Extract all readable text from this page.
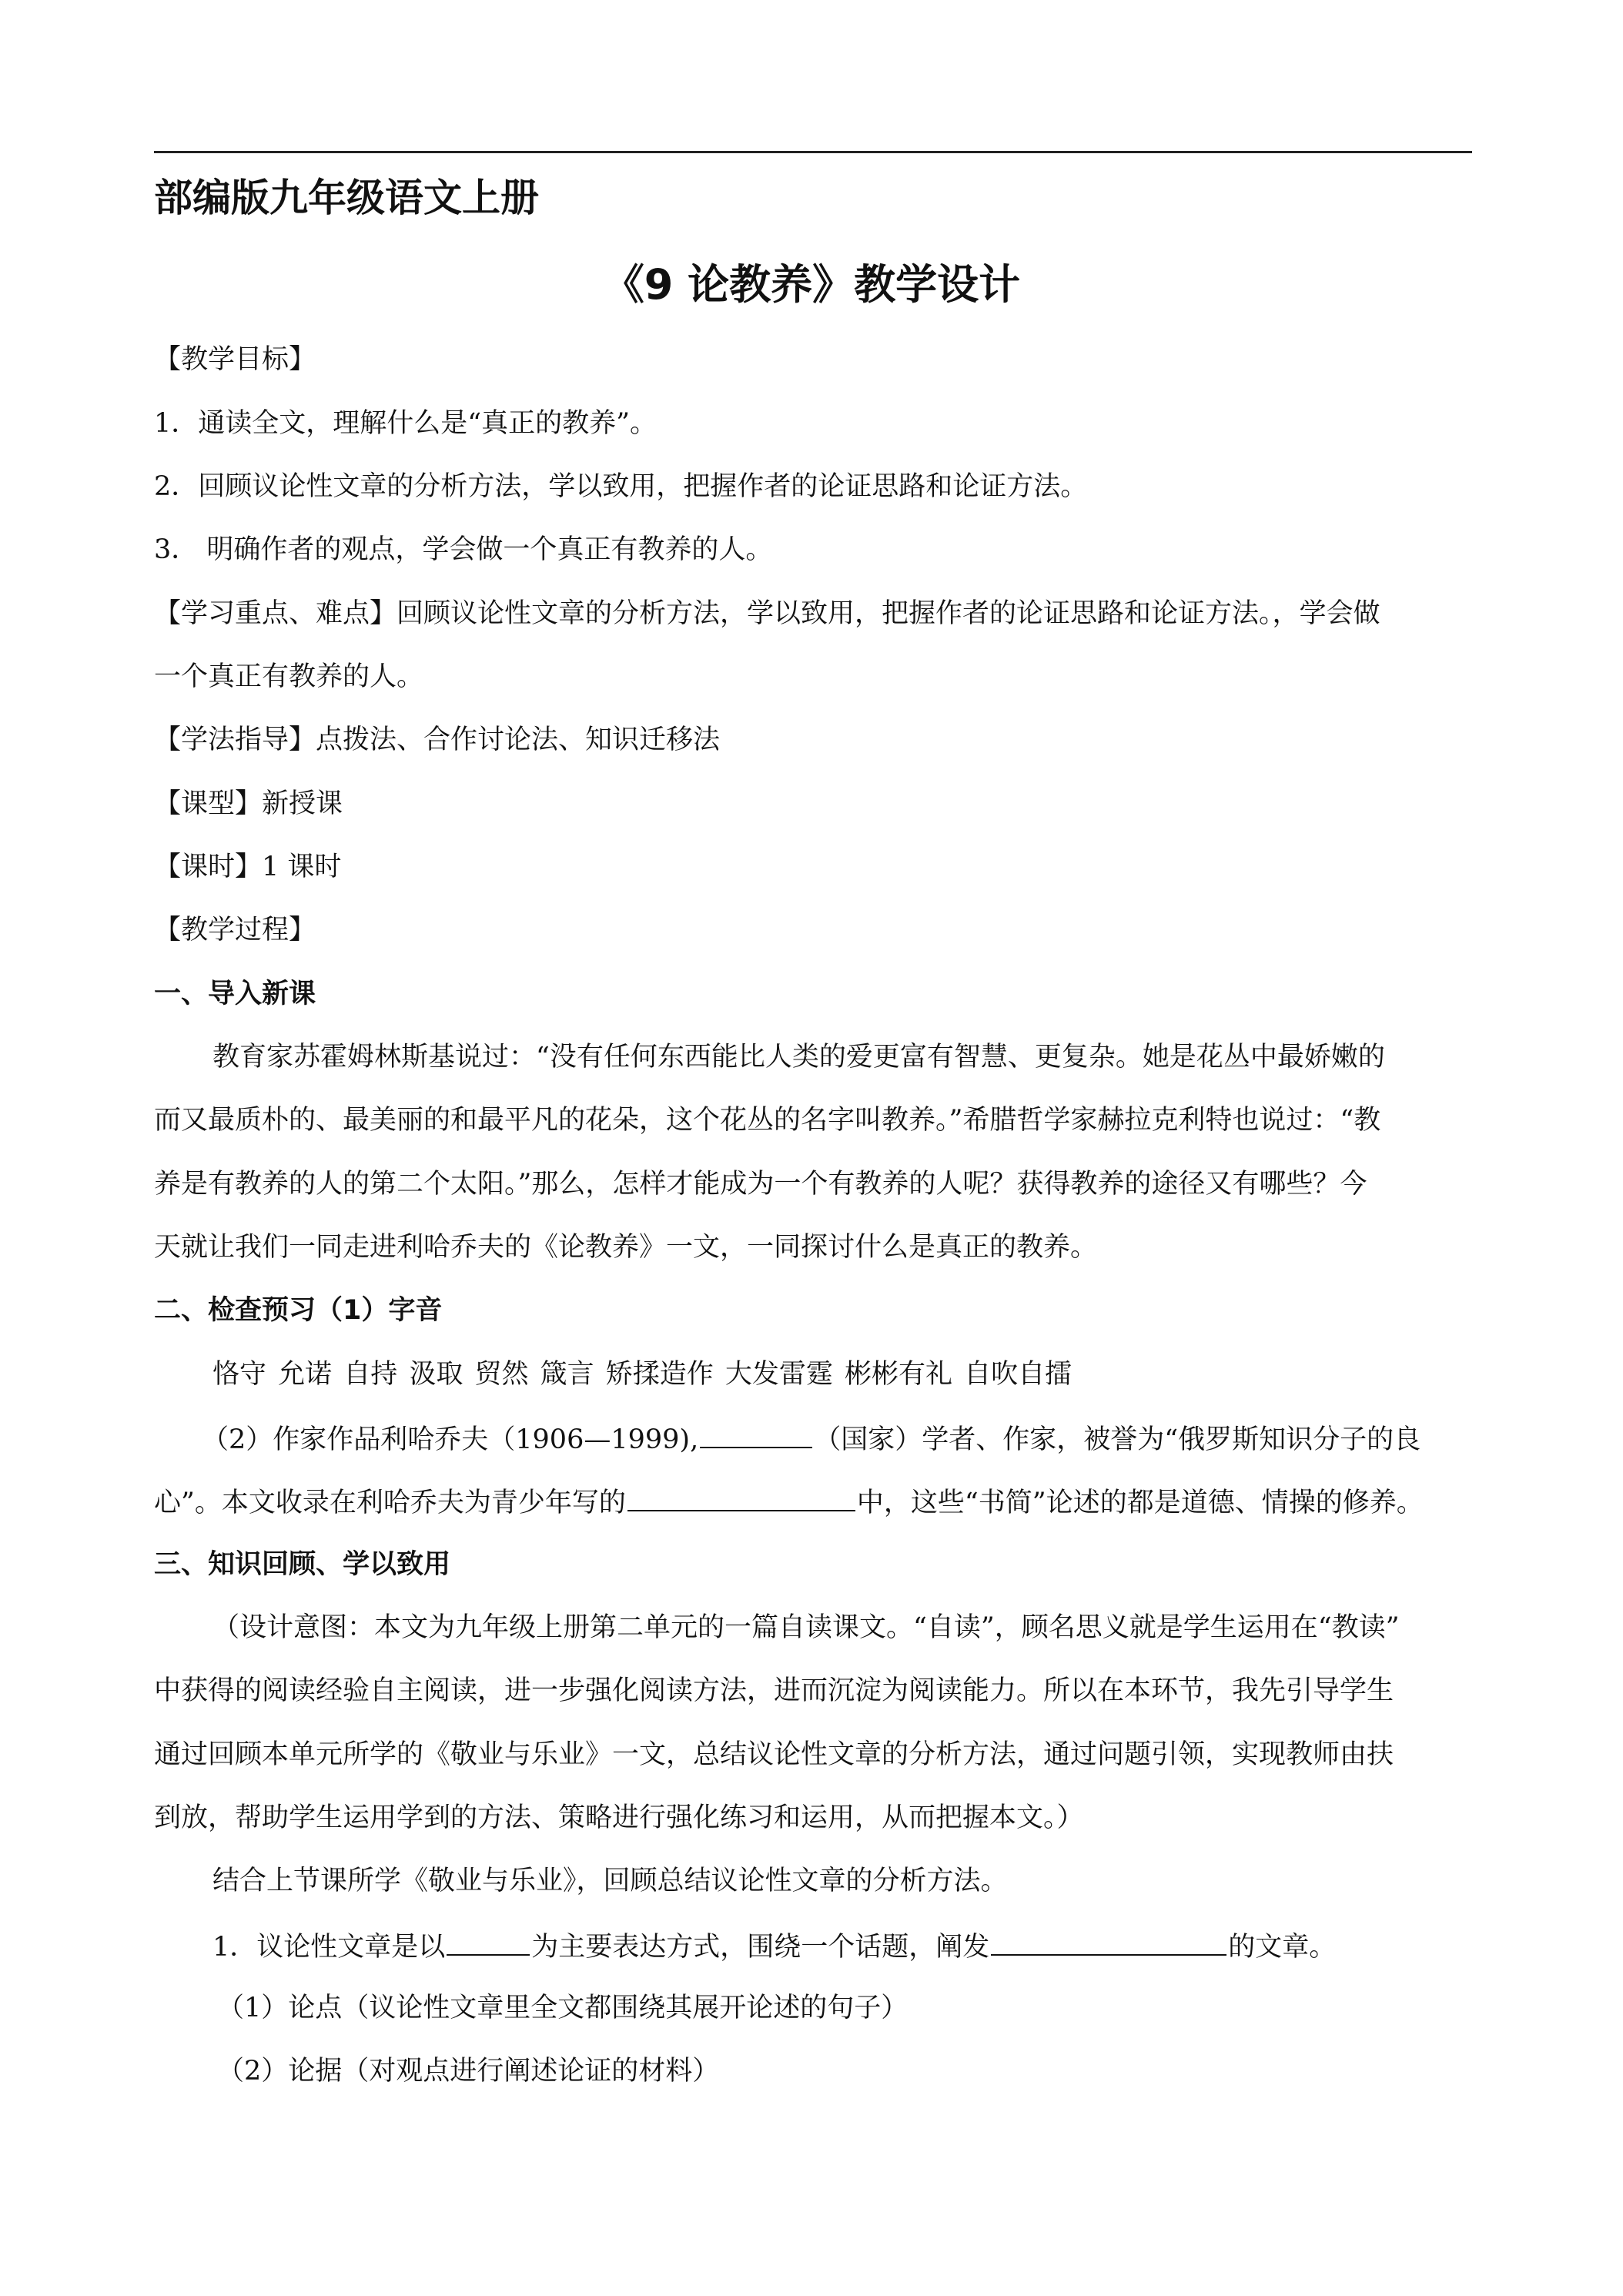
部编版九年级语文上册
《9 论教养》教学设计
【教学目标】
1．通读全文，理解什么是“真正的教养”。
2．回顾议论性文章的分析方法，学以致用，把握作者的论证思路和论证方法。
3． 明确作者的观点，学会做一个真正有教养的人。
【学习重点、难点】回顾议论性文章的分析方法，学以致用，把握作者的论证思路和论证方法。，学会做
一个真正有教养的人。
【学法指导】点拨法、合作讨论法、知识迁移法
【课型】新授课
【课时】1 课时
【教学过程】
一、导入新课
教育家苏霍姆林斯基说过：“没有任何东西能比人类的爱更富有智慧、更复杂。她是花丛中最娇嫩的
而又最质朴的、最美丽的和最平凡的花朵，这个花丛的名字叫教养。”希腊哲学家赫拉克利特也说过：“教
养是有教养的人的第二个太阳。”那么，怎样才能成为一个有教养的人呢？获得教养的途径又有哪些？今
天就让我们一同走进利哈乔夫的《论教养》一文，一同探讨什么是真正的教养。
二、检查预习（1）字音
恪守 允诺 自持 汲取 贸然 箴言 矫揉造作 大发雷霆 彬彬有礼 自吹自擂
（2）作家作品利哈乔夫（1906—1999),	（国家）学者、作家，被誉为“俄罗斯知识分子的良
心”。本文收录在利哈乔夫为青少年写的	中，这些“书简”论述的都是道德、情操的修养。
三、知识回顾、学以致用
（设计意图：本文为九年级上册第二单元的一篇自读课文。“自读”，顾名思义就是学生运用在“教读”
中获得的阅读经验自主阅读，进一步强化阅读方法，进而沉淀为阅读能力。所以在本环节，我先引导学生
通过回顾本单元所学的《敬业与乐业》一文，总结议论性文章的分析方法，通过问题引领，实现教师由扶
到放，帮助学生运用学到的方法、策略进行强化练习和运用，从而把握本文。）
结合上节课所学《敬业与乐业》，回顾总结议论性文章的分析方法。
1．议论性文章是以	为主要表达方式，围绕一个话题，阐发	的文章。
（1）论点（议论性文章里全文都围绕其展开论述的句子）
（2）论据（对观点进行阐述论证的材料）
